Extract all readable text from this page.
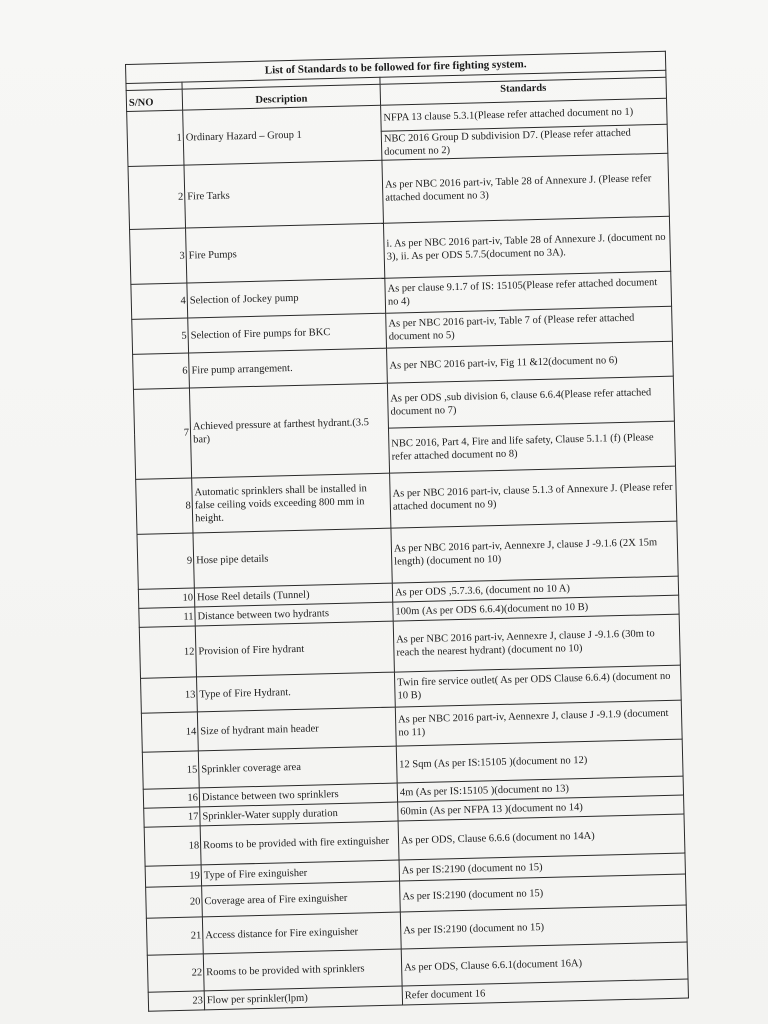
List of Standards to be followed for fire fighting system.		

S/NO	Description	Standards
1	Ordinary Hazard – Group 1	NFPA 13 clause 5.3.1(Please refer attached document no 1)
		NBC 2016 Group D subdivision D7. (Please refer attached document no 2)
2	Fire Tarks	As per NBC 2016 part-iv, Table 28 of Annexure J. (Please refer attached document no 3)
3	Fire Pumps	i. As per NBC 2016 part-iv, Table 28 of Annexure J. (document no 3), ii. As per ODS 5.7.5(document no 3A).
4	Selection of Jockey pump	As per clause 9.1.7 of IS: 15105(Please refer attached document no 4)
5	Selection of Fire pumps for BKC	As per NBC 2016 part-iv, Table 7 of (Please refer attached document no 5)
6	Fire pump arrangement.	As per NBC 2016 part-iv, Fig 11 &12(document no 6)
7	Achieved pressure at farthest hydrant.(3.5 bar)	As per ODS ,sub division 6, clause 6.6.4(Please refer attached document no 7)
		NBC 2016, Part 4, Fire and life safety, Clause 5.1.1 (f) (Please refer attached document no 8)
8	Automatic sprinklers shall be installed in false ceiling voids exceeding 800 mm in height.	As per NBC 2016 part-iv, clause 5.1.3 of Annexure J. (Please refer attached document no 9)
9	Hose pipe details	As per NBC 2016 part-iv, Aennexre J, clause J -9.1.6 (2X 15m length) (document no 10)
10	Hose Reel details (Tunnel)	As per ODS ,5.7.3.6, (document no 10 A)
11	Distance between two hydrants	100m (As per ODS 6.6.4)(document no 10 B)
12	Provision of Fire hydrant	As per NBC 2016 part-iv, Aennexre J, clause J -9.1.6 (30m to reach the nearest hydrant) (document no 10)
13	Type of Fire Hydrant.	Twin fire service outlet( As per ODS Clause 6.6.4) (document no 10 B)
14	Size of hydrant main header	As per NBC 2016 part-iv, Aennexre J, clause J -9.1.9 (document no 11)
15	Sprinkler coverage area	12 Sqm (As per IS:15105 )(document no 12)
16	Distance between two sprinklers	4m (As per IS:15105 )(document no 13)
17	Sprinkler-Water supply duration	60min (As per NFPA 13 )(document no 14)
18	Rooms to be provided with fire extinguisher	As per ODS, Clause 6.6.6 (document no 14A)
19	Type of Fire exinguisher	As per IS:2190 (document no 15)
20	Coverage area of Fire exinguisher	As per IS:2190 (document no 15)
21	Access distance for Fire exinguisher	As per IS:2190 (document no 15)
22	Rooms to be provided with sprinklers	As per ODS, Clause 6.6.1(document 16A)
23	Flow per sprinkler(lpm)	Refer document 16
